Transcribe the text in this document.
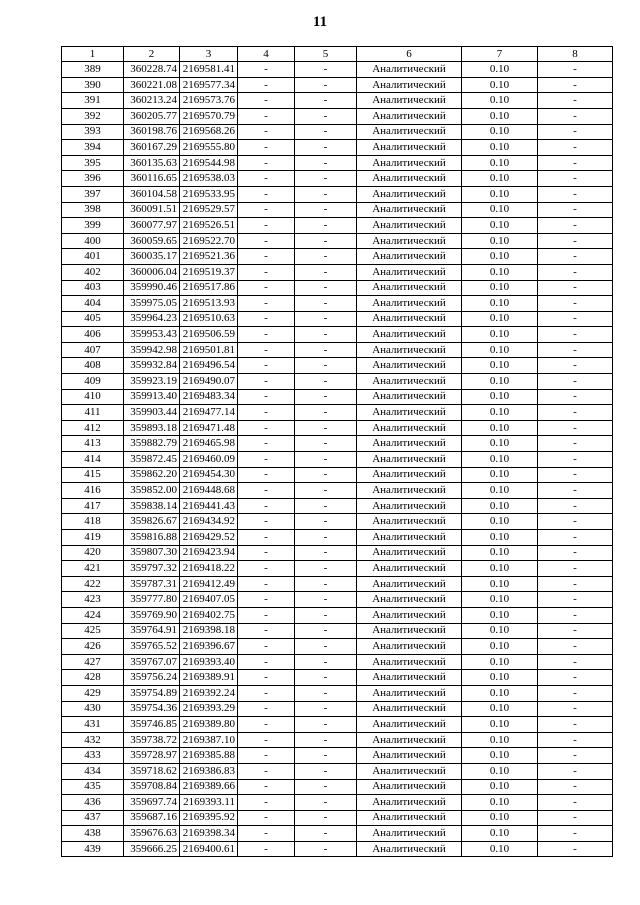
11
1	2	3	4	5	6	7	8
389	360228.74	2169581.41	-	-	Аналитический	0.10	-
390	360221.08	2169577.34	-	-	Аналитический	0.10	-
391	360213.24	2169573.76	-	-	Аналитический	0.10	-
392	360205.77	2169570.79	-	-	Аналитический	0.10	-
393	360198.76	2169568.26	-	-	Аналитический	0.10	-
394	360167.29	2169555.80	-	-	Аналитический	0.10	-
395	360135.63	2169544.98	-	-	Аналитический	0.10	-
396	360116.65	2169538.03	-	-	Аналитический	0.10	-
397	360104.58	2169533.95	-	-	Аналитический	0.10	-
398	360091.51	2169529.57	-	-	Аналитический	0.10	-
399	360077.97	2169526.51	-	-	Аналитический	0.10	-
400	360059.65	2169522.70	-	-	Аналитический	0.10	-
401	360035.17	2169521.36	-	-	Аналитический	0.10	-
402	360006.04	2169519.37	-	-	Аналитический	0.10	-
403	359990.46	2169517.86	-	-	Аналитический	0.10	-
404	359975.05	2169513.93	-	-	Аналитический	0.10	-
405	359964.23	2169510.63	-	-	Аналитический	0.10	-
406	359953.43	2169506.59	-	-	Аналитический	0.10	-
407	359942.98	2169501.81	-	-	Аналитический	0.10	-
408	359932.84	2169496.54	-	-	Аналитический	0.10	-
409	359923.19	2169490.07	-	-	Аналитический	0.10	-
410	359913.40	2169483.34	-	-	Аналитический	0.10	-
411	359903.44	2169477.14	-	-	Аналитический	0.10	-
412	359893.18	2169471.48	-	-	Аналитический	0.10	-
413	359882.79	2169465.98	-	-	Аналитический	0.10	-
414	359872.45	2169460.09	-	-	Аналитический	0.10	-
415	359862.20	2169454.30	-	-	Аналитический	0.10	-
416	359852.00	2169448.68	-	-	Аналитический	0.10	-
417	359838.14	2169441.43	-	-	Аналитический	0.10	-
418	359826.67	2169434.92	-	-	Аналитический	0.10	-
419	359816.88	2169429.52	-	-	Аналитический	0.10	-
420	359807.30	2169423.94	-	-	Аналитический	0.10	-
421	359797.32	2169418.22	-	-	Аналитический	0.10	-
422	359787.31	2169412.49	-	-	Аналитический	0.10	-
423	359777.80	2169407.05	-	-	Аналитический	0.10	-
424	359769.90	2169402.75	-	-	Аналитический	0.10	-
425	359764.91	2169398.18	-	-	Аналитический	0.10	-
426	359765.52	2169396.67	-	-	Аналитический	0.10	-
427	359767.07	2169393.40	-	-	Аналитический	0.10	-
428	359756.24	2169389.91	-	-	Аналитический	0.10	-
429	359754.89	2169392.24	-	-	Аналитический	0.10	-
430	359754.36	2169393.29	-	-	Аналитический	0.10	-
431	359746.85	2169389.80	-	-	Аналитический	0.10	-
432	359738.72	2169387.10	-	-	Аналитический	0.10	-
433	359728.97	2169385.88	-	-	Аналитический	0.10	-
434	359718.62	2169386.83	-	-	Аналитический	0.10	-
435	359708.84	2169389.66	-	-	Аналитический	0.10	-
436	359697.74	2169393.11	-	-	Аналитический	0.10	-
437	359687.16	2169395.92	-	-	Аналитический	0.10	-
438	359676.63	2169398.34	-	-	Аналитический	0.10	-
439	359666.25	2169400.61	-	-	Аналитический	0.10	-
